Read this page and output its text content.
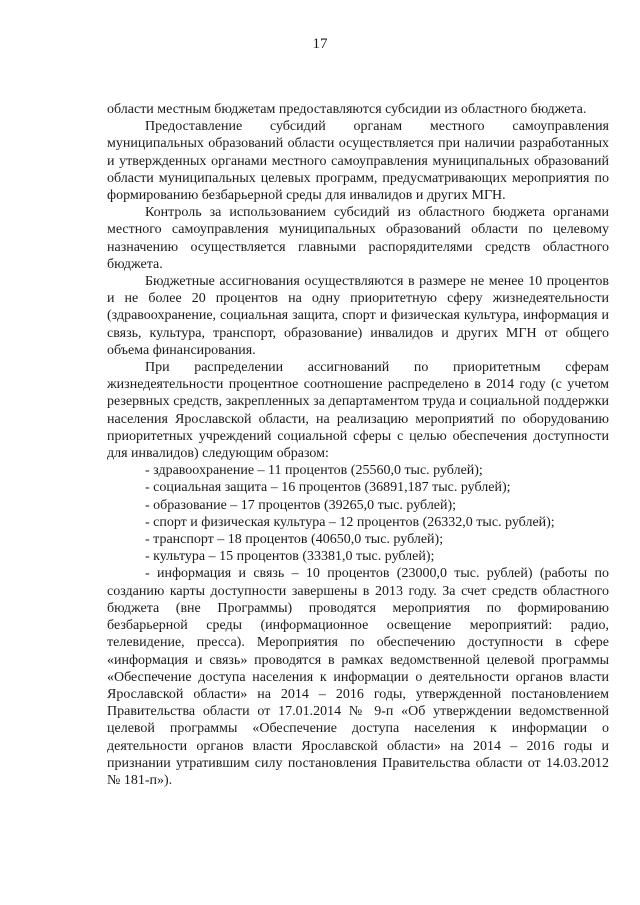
17

области местным бюджетам предоставляются субсидии из областного бюджета.

Предоставление субсидий органам местного самоуправления муниципальных образований области осуществляется при наличии разработанных и утвержденных органами местного самоуправления муниципальных образований области муниципальных целевых программ, предусматривающих мероприятия по формированию безбарьерной среды для инвалидов и других МГН.

Контроль за использованием субсидий из областного бюджета органами местного самоуправления муниципальных образований области по целевому назначению осуществляется главными распорядителями средств областного бюджета.

Бюджетные ассигнования осуществляются в размере не менее 10 процентов и не более 20 процентов на одну приоритетную сферу жизнедеятельности (здравоохранение, социальная защита, спорт и физическая культура, информация и связь, культура, транспорт, образование) инвалидов и других МГН от общего объема финансирования.

При распределении ассигнований по приоритетным сферам жизнедеятельности процентное соотношение распределено в 2014 году (с учетом резервных средств, закрепленных за департаментом труда и социальной поддержки населения Ярославской области, на реализацию мероприятий по оборудованию приоритетных учреждений социальной сферы с целью обеспечения доступности для инвалидов) следующим образом:

- здравоохранение – 11 процентов (25560,0 тыс. рублей);
- социальная защита – 16 процентов (36891,187 тыс. рублей);
- образование – 17 процентов (39265,0 тыс. рублей);
- спорт и физическая культура – 12 процентов (26332,0 тыс. рублей);
- транспорт – 18 процентов (40650,0 тыс. рублей);
- культура – 15 процентов (33381,0 тыс. рублей);

- информация и связь – 10 процентов (23000,0 тыс. рублей) (работы по созданию карты доступности завершены в 2013 году. За счет средств областного бюджета (вне Программы) проводятся мероприятия по формированию безбарьерной среды (информационное освещение мероприятий: радио, телевидение, пресса). Мероприятия по обеспечению доступности в сфере «информация и связь» проводятся в рамках ведомственной целевой программы «Обеспечение доступа населения к информации о деятельности органов власти Ярославской области» на 2014 – 2016 годы, утвержденной постановлением Правительства области от 17.01.2014 № 9-п «Об утверждении ведомственной целевой программы «Обеспечение доступа населения к информации о деятельности органов власти Ярославской области» на 2014 – 2016 годы и признании утратившим силу постановления Правительства области от 14.03.2012 № 181-п»).
